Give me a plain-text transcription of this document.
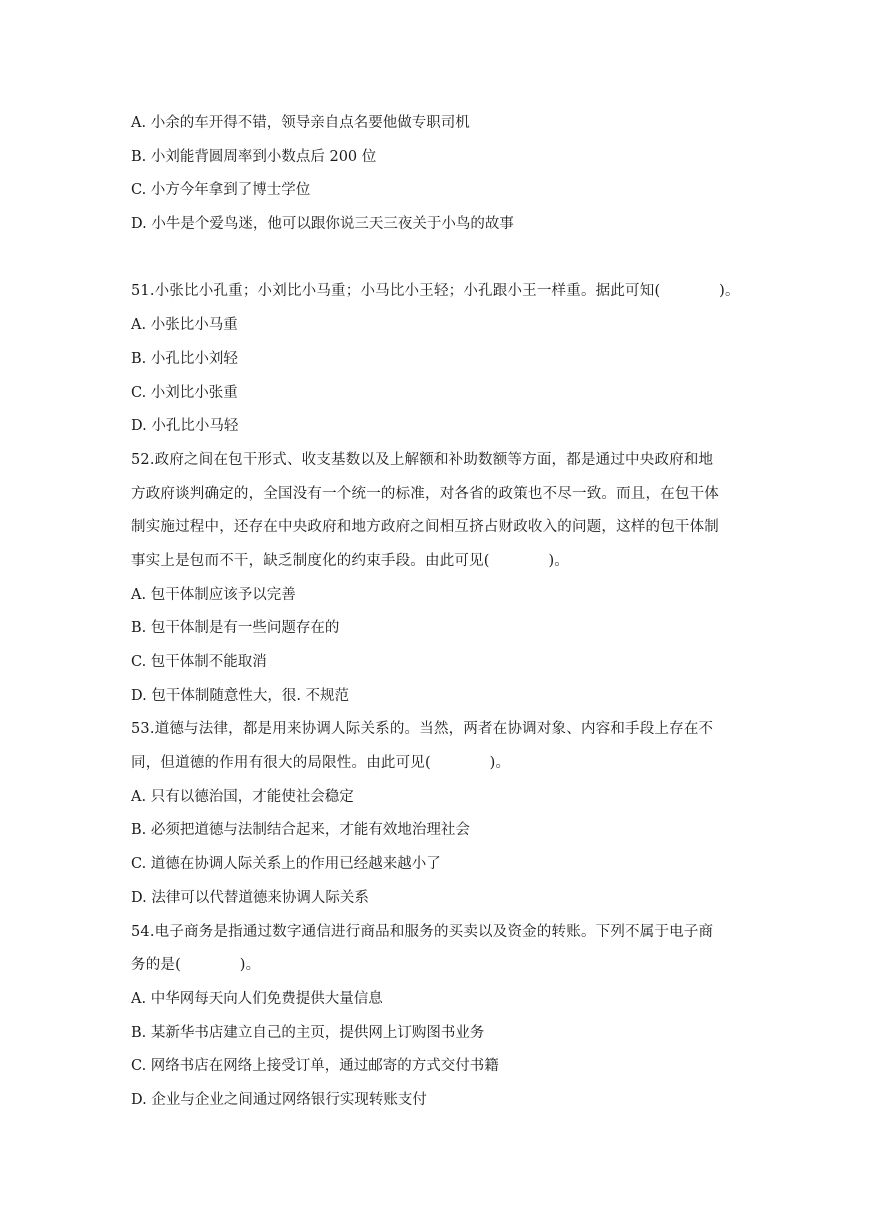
A. 小余的车开得不错，领导亲自点名要他做专职司机
B. 小刘能背圆周率到小数点后 200 位
C. 小方今年拿到了博士学位
D. 小牛是个爱鸟迷，他可以跟你说三天三夜关于小鸟的故事
51.小张比小孔重；小刘比小马重；小马比小王轻；小孔跟小王一样重。据此可知(　　　　)。
A. 小张比小马重
B. 小孔比小刘轻
C. 小刘比小张重
D. 小孔比小马轻
52.政府之间在包干形式、收支基数以及上解额和补助数额等方面，都是通过中央政府和地
方政府谈判确定的，全国没有一个统一的标准，对各省的政策也不尽一致。而且，在包干体
制实施过程中，还存在中央政府和地方政府之间相互挤占财政收入的问题，这样的包干体制
事实上是包而不干，缺乏制度化的约束手段。由此可见(　　　　)。
A. 包干体制应该予以完善
B. 包干体制是有一些问题存在的
C. 包干体制不能取消
D. 包干体制随意性大，很. 不规范
53.道德与法律，都是用来协调人际关系的。当然，两者在协调对象、内容和手段上存在不
同，但道德的作用有很大的局限性。由此可见(　　　　)。
A. 只有以德治国，才能使社会稳定
B. 必须把道德与法制结合起来，才能有效地治理社会
C. 道德在协调人际关系上的作用已经越来越小了
D. 法律可以代替道德来协调人际关系
54.电子商务是指通过数字通信进行商品和服务的买卖以及资金的转账。下列不属于电子商
务的是(　　　　)。
A. 中华网每天向人们免费提供大量信息
B. 某新华书店建立自己的主页，提供网上订购图书业务
C. 网络书店在网络上接受订单，通过邮寄的方式交付书籍
D. 企业与企业之间通过网络银行实现转账支付
